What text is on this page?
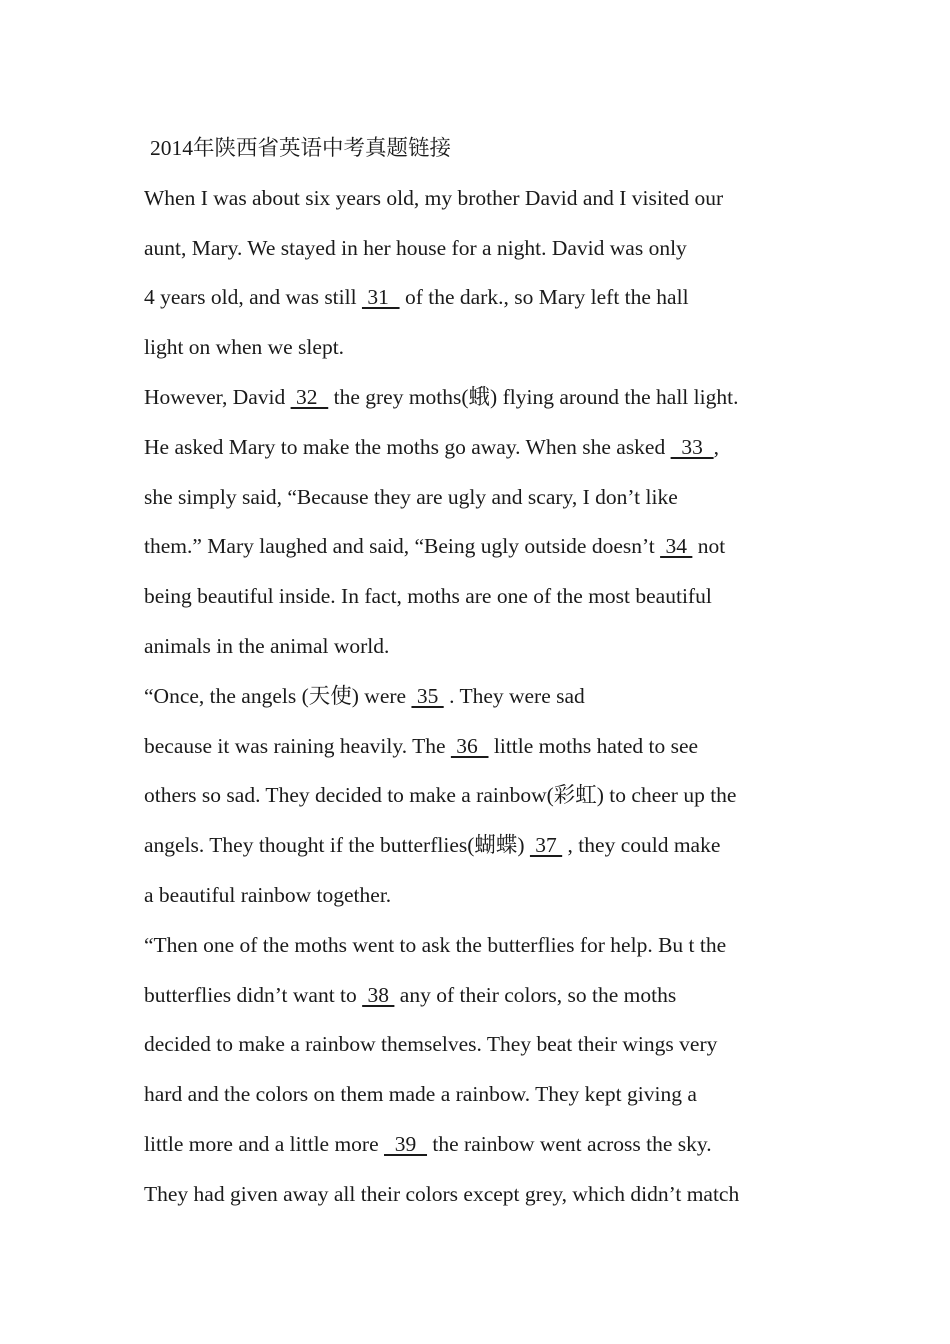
2014年陕西省英语中考真题链接
When I was about six years old, my brother David and I visited our
aunt, Mary. We stayed in her house for a night. David was only
4 years old, and was still  31   of the dark., so Mary left the hall
light on when we slept.
However, David  32   the grey moths(蛾) flying around the hall light.
He asked Mary to make the moths go away. When she asked   33  ,
she simply said, “Because they are ugly and scary, I don’t like
them.” Mary laughed and said, “Being ugly outside doesn’t  34  not
being beautiful inside. In fact, moths are one of the most beautiful
animals in the animal world.
“Once, the angels (天使) were  35  . They were sad
because it was raining heavily. The  36   little moths hated to see
others so sad. They decided to make a rainbow(彩虹) to cheer up the
angels. They thought if the butterflies(蝴蝶)  37  , they could make
a beautiful rainbow together.
“Then one of the moths went to ask the butterflies for help. Bu t the
butterflies didn’t want to  38  any of their colors, so the moths
decided to make a rainbow themselves. They beat their wings very
hard and the colors on them made a rainbow. They kept giving a
little more and a little more   39   the rainbow went across the sky.
They had given away all their colors except grey, which didn’t match
